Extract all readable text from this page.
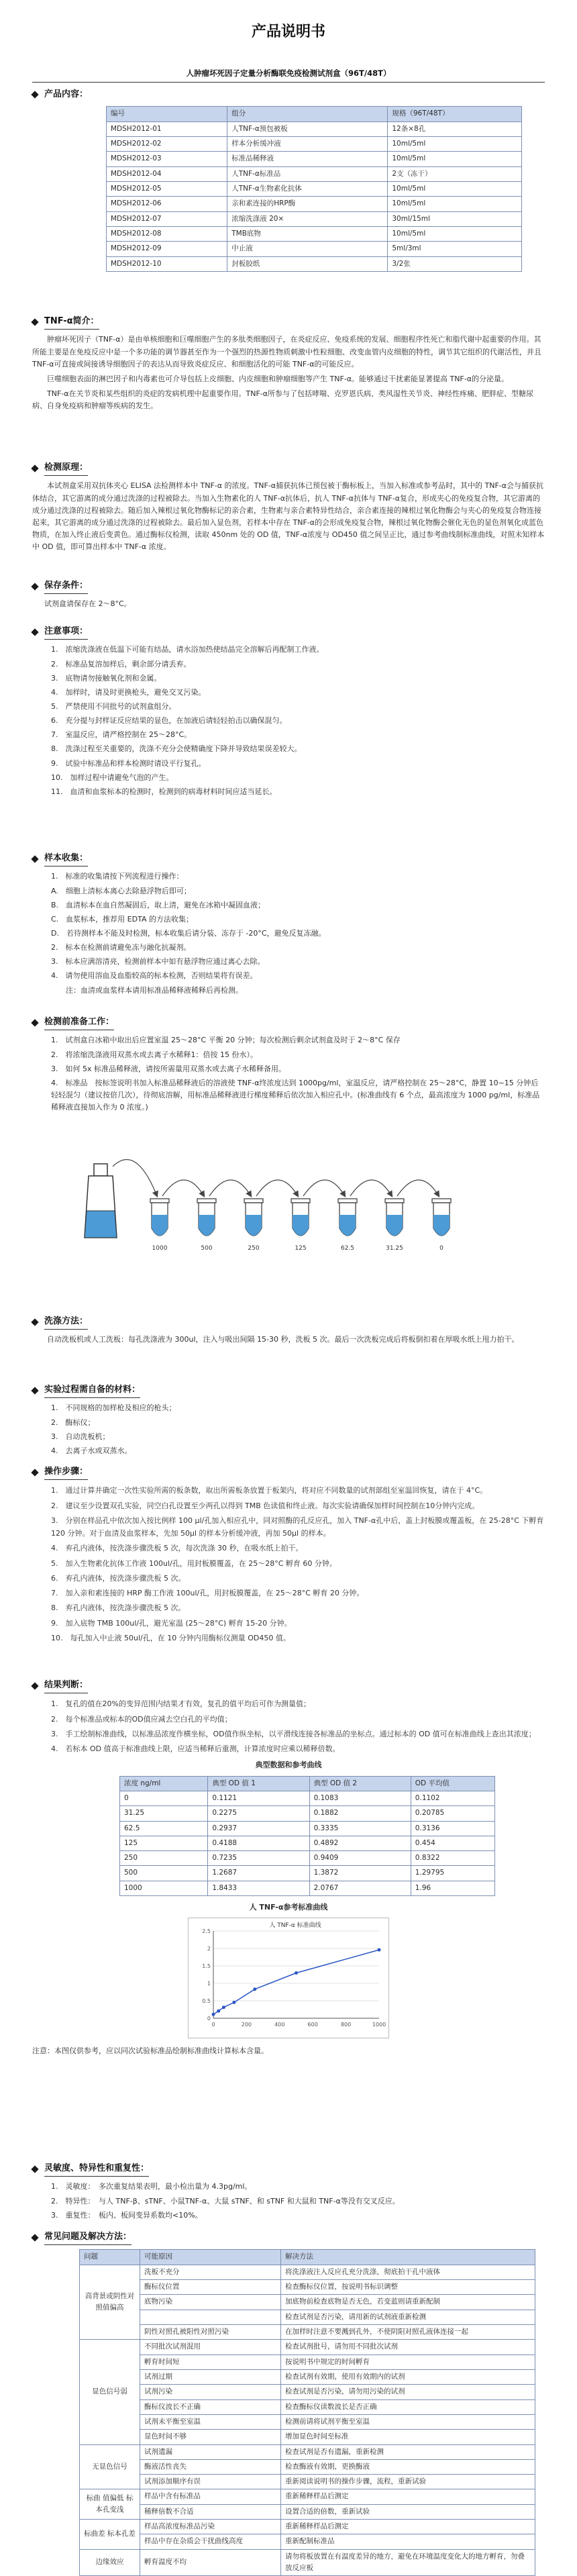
产品说明书
人肿瘤坏死因子定量分析酶联免疫检测试剂盒（96T/48T）
产品内容：
编号	组分	规格（96T/48T）
MDSH2012-01	人TNF-α预包被板	12条×8孔
MDSH2012-02	样本分析缓冲液	10ml/5ml
MDSH2012-03	标准品稀释液	10ml/5ml
MDSH2012-04	人TNF-α标准品	2支（冻干）
MDSH2012-05	人TNF-α生物素化抗体	10ml/5ml
MDSH2012-06	亲和素连接的HRP酶	10ml/5ml
MDSH2012-07	浓缩洗涤液 20×	30ml/15ml
MDSH2012-08	TMB底物	10ml/5ml
MDSH2012-09	中止液	5ml/3ml
MDSH2012-10	封板胶纸	3/2张
TNF-α简介：

肿瘤坏死因子（TNF-α）是由单核细胞和巨噬细胞产生的多肽类细胞因子，在炎症反应、免疫系统的发展、细胞程序性死亡和脂代谢中起重要的作用。其所能主要是在免疫反应中是一个多功能的调节器甚至作为一个强烈的热源性物质刺激中性粒细胞、改变血管内皮细胞的特性，调节其它组织的代谢活性，并且TNF-α可直接或间接诱导细胞因子的表达从而导致炎症反应、和细胞活化的可能 TNF-α的可能反应。

巨噬细胞表面的淋巴因子和内毒素也可介导包括上皮细胞、内皮细胞和肿瘤细胞等产生 TNF-α。能够通过干扰素能显著提高 TNF-α的分泌量。

TNF-α在关节炎和某些组织的炎症的发病机理中起重要作用。TNF-α所参与了包括哮喘、克罗恩氏病、类风湿性关节炎、神经性疼痛、肥胖症、型糖尿病、自身免疫病和肿瘤等疾病的发生。

检测原理：

本试剂盒采用双抗体夹心 ELISA 法检测样本中 TNF-α 的浓度。TNF-α捕获抗体已预包被于酶标板上，当加入标准或参考品时，其中的 TNF-α会与捕获抗体结合，其它游离的成分通过洗涤的过程被除去。当加入生物素化的人 TNF-α抗体后，抗人 TNF-α抗体与 TNF-α复合，形成夹心的免疫复合物，其它游离的成分通过洗涤的过程被除去。随后加入辣根过氧化物酶标记的亲合素，生物素与亲合素特异性结合，亲合素连接的辣根过氧化物酶会与夹心的免疫复合物连接起来，其它游离的成分通过洗涤的过程被除去。最后加入显色剂，若样本中存在 TNF-α的会形成免疫复合物，辣根过氧化物酶会催化无色的显色剂氧化成蓝色物质，在加入终止液后变黄色。通过酶标仪检测，读取 450nm 处的 OD 值，TNF-α浓度与 OD450 值之间呈正比，通过参考曲线制标准曲线，对照未知样本中 OD 值，即可算出样本中 TNF-α 浓度。

保存条件：

试剂盒请保存在 2～8°C。

注意事项：
1.　浓缩洗涤液在低温下可能有结晶，请水浴加热使结晶完全溶解后再配制工作液。
2.　标准品复溶加样后，剩余部分请丢弃。
3.　底物请勿接触氧化剂和金属。
4.　加样时，请及时更换枪头，避免交叉污染。
5.　严禁使用不同批号的试剂盒组分。
6.　充分提与封样证反应结果的显色，在加液后请轻轻拍击以确保混匀。
7.　室温反应，请严格控制在 25～28°C。
8.　洗涤过程至关重要的，洗涤不充分会使精确度下降并导致结果误差较大。
9.　试验中标准品和样本检测时请设平行复孔。
10.　加样过程中请避免气泡的产生。
11.　血清和血浆标本的检测时，检测到的病毒材料时间应适当延长。
样本收集：
1.　标准的收集请按下列流程进行操作：
A.　细胞上清标本离心去除悬浮物后即可；
B.　血清标本在血自然凝固后，取上清，避免在冰箱中凝固血液；
C.　血浆标本，推荐用 EDTA 的方法收集；
D.　若待测样本不能及时检测，标本收集后请分装、冻存于 -20°C，避免反复冻融。
2.　标本在检测前请避免冻与融化抗凝剂。
3.　标本应满溶清亮，检测前样本中如有悬浮物应通过离心去除。
4.　请勿使用溶血及血脂较高的标本检测，否则结果将有误差。
　　注：血清或血浆样本请用标准品稀释液稀释后再检测。
检测前准备工作：
1.　试剂盒自冰箱中取出后应置室温 25～28°C 平衡 20 分钟；每次检测后剩余试剂盒及时于 2～8°C 保存
2.　将浓缩洗涤液用双蒸水或去离子水稀释1：倍按 15 份水）。
3.　如何 5x 标准品稀释液，请按所需量用双蒸水或去离子水稀释备用。
4.　标准品　按标签说明书加入标准品稀释液后的溶液使 TNF-α终浓度达到 1000pg/ml，室温反应，请严格控制在 25～28°C，静置 10~15 分钟后轻轻混匀（建议按倍几次），待彻底溶解，用标准品稀释液进行梯度稀释后依次加入相应孔中。(标准曲线有 6 个点，最高浓度为 1000 pg/ml，标准品稀释液直接加入作为 0 浓度。)
1000	500	250	125	62.5	31.25	0
洗涤方法：

自动洗板机或人工洗板：每孔洗涤液为 300ul，注入与吸出间隔 15-30 秒，洗板 5 次。最后一次洗板完成后将板倒扣着在厚吸水纸上甩力拍干。

实验过程需自备的材料：
1.　不同规格的加样枪及相应的枪头；
2.　酶标仪；
3.　自动洗板机；
4.　去离子水或双蒸水。
操作步骤：
1.　通过计算并确定一次性实验所需的板条数，取出所需板条放置于板架内，将对应不同数量的试剂部组至室温回恢复，请在于 4°C。
2.　建议至少设置双孔实验，同空白孔设置至少两孔以得到 TMB 色读值和终止液。每次实验请确保加样时间控制在10分钟内完成。
3.　分别在样品孔中依次加入按比例样 100 μl/孔加入相应孔中，同对照酶的孔反应孔，加入 TNF-α孔中后，盖上封板膜或覆盖板，在 25-28°C 下孵育 120 分钟。对于血清及血浆样本，先加 50μl 的样本分析缓冲液，再加 50μl 的样本。
4.　弃孔内液体，按洗涤步骤洗板 5 次，每次洗涤 30 秒，在吸水纸上拍干。
5.　加入生物素化抗体工作液 100ul/孔，用封板膜覆盖，在 25～28°C 孵育 60 分钟。
6.　弃孔内液体，按洗涤步骤洗板 5 次。
7.　加入亲和素连接的 HRP 酶工作液 100ul/孔，用封板膜覆盖，在 25～28°C 孵育 20 分钟。
8.　弃孔内液体，按洗涤步骤洗板 5 次。
9.　加入底物 TMB 100ul/孔，避光室温 (25～28°C) 孵育 15-20 分钟。
10.　每孔加入中止液 50ul/孔，在 10 分钟内用酶标仪测量 OD450 值。
结果判断：
1.　复孔的值在20%的变异范围内结果才有效，复孔的值平均后可作为测量值；
2.　每个标准品或标本的OD值应减去空白孔的平均值；
3.　手工绘制标准曲线，以标准品浓度作横坐标，OD值作纵坐标，以平滑线连接各标准品的坐标点。通过标本的 OD 值可在标准曲线上查出其浓度；
4.　若标本 OD 值高于标准曲线上限，应适当稀释后重测，计算浓度时应乘以稀释倍数。
典型数据和参考曲线
浓度 ng/ml	典型 OD 值 1	典型 OD 值 2	OD 平均值
0	0.1121	0.1083	0.1102
31.25	0.2275	0.1882	0.20785
62.5	0.2937	0.3335	0.3136
125	0.4188	0.4892	0.454
250	0.7235	0.9409	0.8322
500	1.2687	1.3872	1.29795
1000	1.8433	2.0767	1.96
人 TNF-α参考标准曲线
0
0.5
1
1.5
2
2.5
0	200	400	600	800	1000
人 TNF-α 标准曲线

注意：本图仅供参考，应以同次试验标准品绘制标准曲线计算标本含量。

灵敏度、特异性和重复性：
1.　灵敏度：　多次重复结果表明，最小检出量为 4.3pg/ml。
2.　特异性：　与人 TNF-β、sTNF、小鼠TNF-α、大鼠 sTNF、和 sTNF 和大鼠和 TNF-α等没有交叉反应。
3.　重复性：　板内、板间变异系数均<10%。
常见问题及解决方法：
问题	可能原因	解决方法
高背景或阴性对照值偏高	洗板不充分	将洗涤液注入反应孔充分洗涤，彻底拍干孔中液体
	酶标仪位置	检查酶标仪位置，按说明书标识调整
	底物污染	加底物前检查底物是否无色，若变蓝则请重新配制
		检查试剂是否污染，请用新的试剂液重新检测
	阴性对照孔被阳性对照污染	在加样时注意不要溅到孔外，不使阴阳对照孔液体连接一起
显色信号弱	不同批次试剂混用	检查试剂批号，请勿用不同批次试剂
	孵育时间短	按说明书中规定的时间孵育
	试剂过期	检查试剂有效期，使用有效期内的试剂
	试剂污染	检查试剂是否污染，请勿用污染的试剂
	酶标仪波长不正确	检查酶标仪读数波长是否正确
	试剂未平衡至室温	检测前请将试剂平衡至室温
	显色时间不够	增加显色时间至标准
无显色信号	试剂遗漏	检查试剂是否有遗漏，重新检测
	酶液活性丧失	检查酶液有效期，更换酶液
	试剂添加顺序有误	重新阅读说明书的操作步骤，流程，重新试验
标曲 值偏低 标本孔变浅	样品中含有标准品	重新稀释样品后测定
	稀释倍数不合适	设置合适的倍数，重新试验
标曲差 标本孔差	样品高浓度标准品污染	重新稀释样品后测定
	样品中存在杂质会干扰曲线高度	重新配制标准品
边缘效应	孵育温度不均	请勿将板放置在有温度差异的地方，避免在环境温度变化大的地方孵育，勿叠放反应板
